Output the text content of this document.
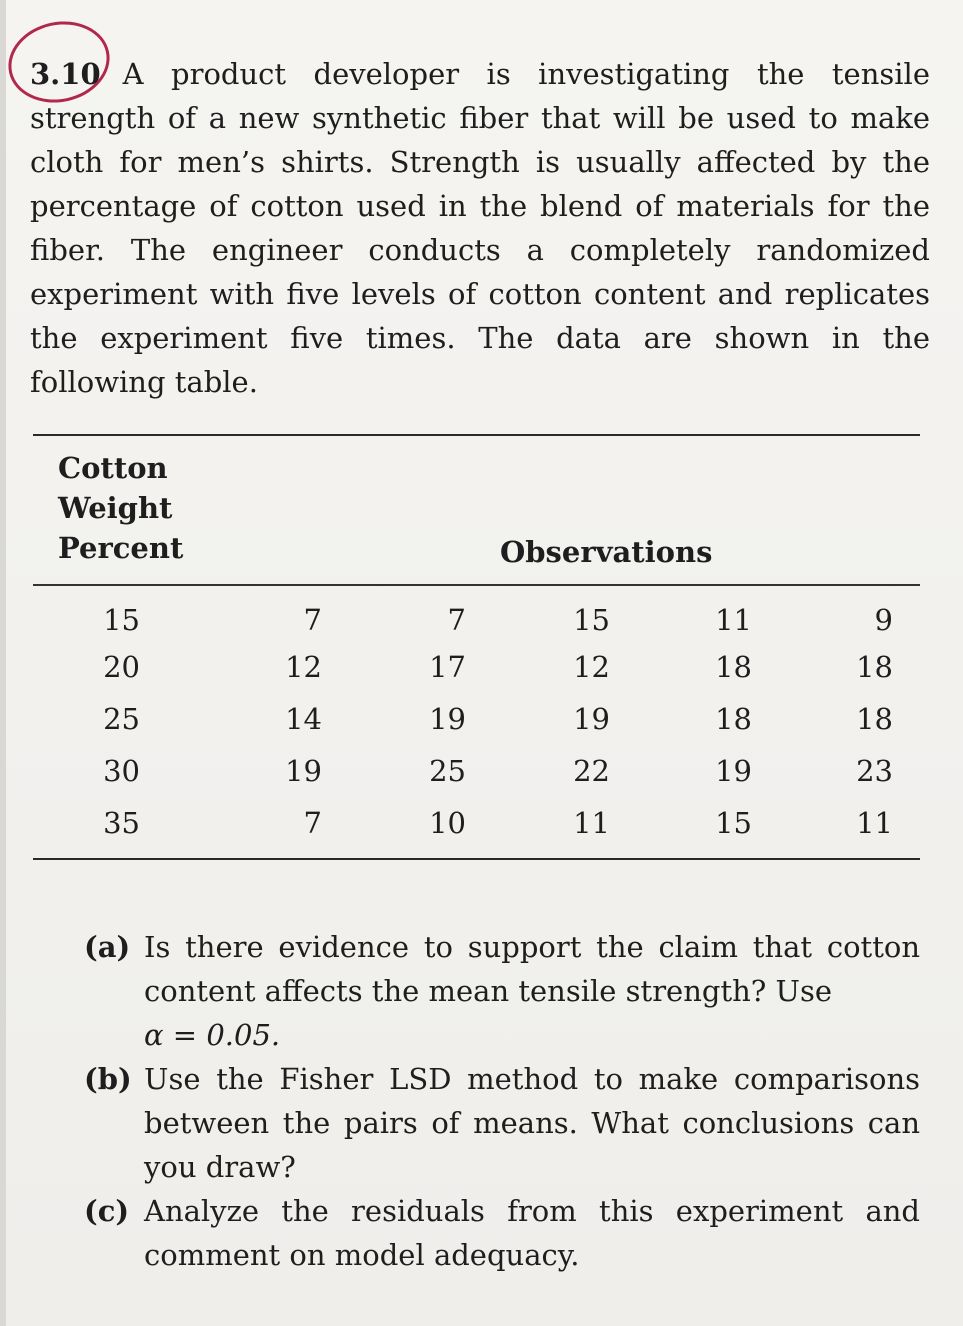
3.10 A product developer is investigating the tensile strength of a new synthetic fiber that will be used to make cloth for men’s shirts. Strength is usually affected by the percentage of cotton used in the blend of materials for the fiber. The engineer conducts a completely randomized experiment with five levels of cotton content and replicates the experiment five times. The data are shown in the following table.
Cotton
Weight
Percent	Observations
15	7	7	15	11	9
20	12	17	12	18	18
25	14	19	19	18	18
30	19	25	22	19	23
35	7	10	11	15	11
(a) Is there evidence to support the claim that cotton content affects the mean tensile strength? Use
α = 0.05.
(b) Use the Fisher LSD method to make comparisons between the pairs of means. What conclusions can you draw?
(c) Analyze the residuals from this experiment and comment on model adequacy.
